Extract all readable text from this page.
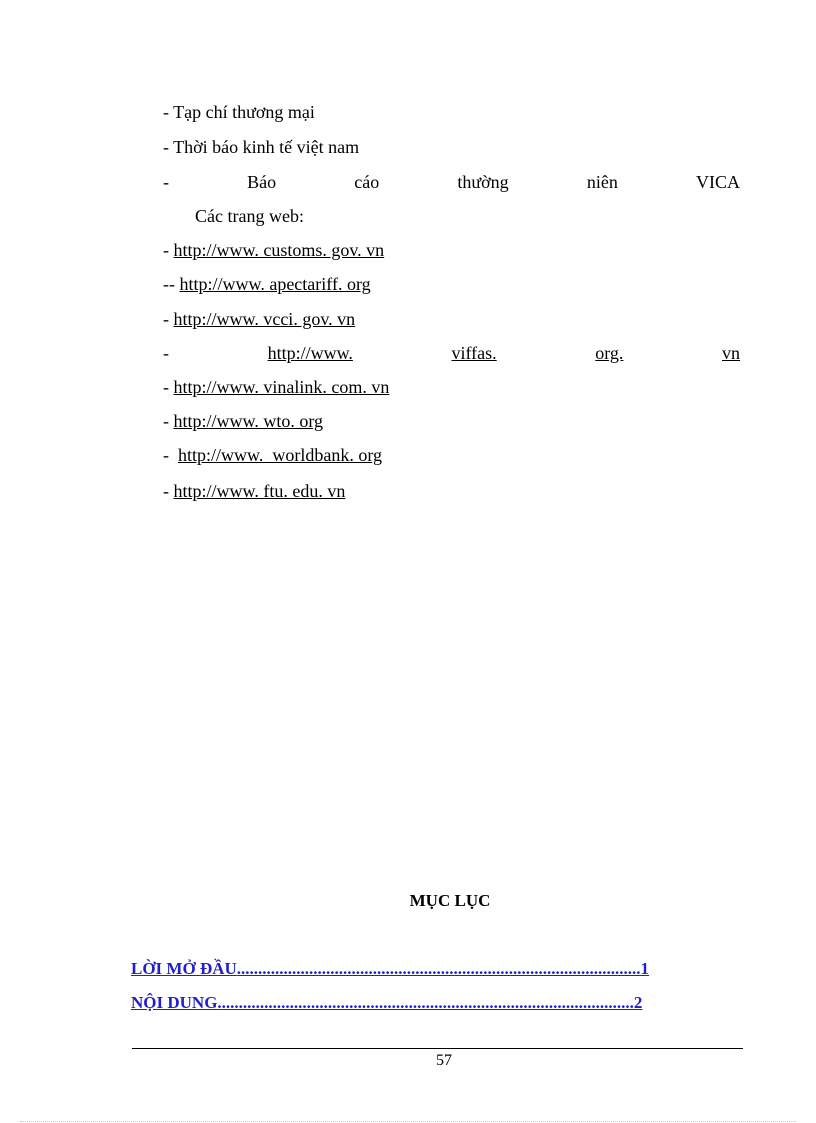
- Tạp chí thương mại
- Thời báo kinh tế việt nam
-	Báo	cáo	thường	niên	VICA
Các trang web:
- http://www. customs. gov. vn
-- http://www. apectariff. org
- http://www. vcci. gov. vn
-	http://www.	viffas.	org.	vn
- http://www. vinalink. com. vn
- http://www. wto. org
-  http://www.  worldbank. org
- http://www. ftu. edu. vn
MỤC LỤC
LỜI MỞ ĐẦU...............................................................................................1
NỘI DUNG..................................................................................................2
57
